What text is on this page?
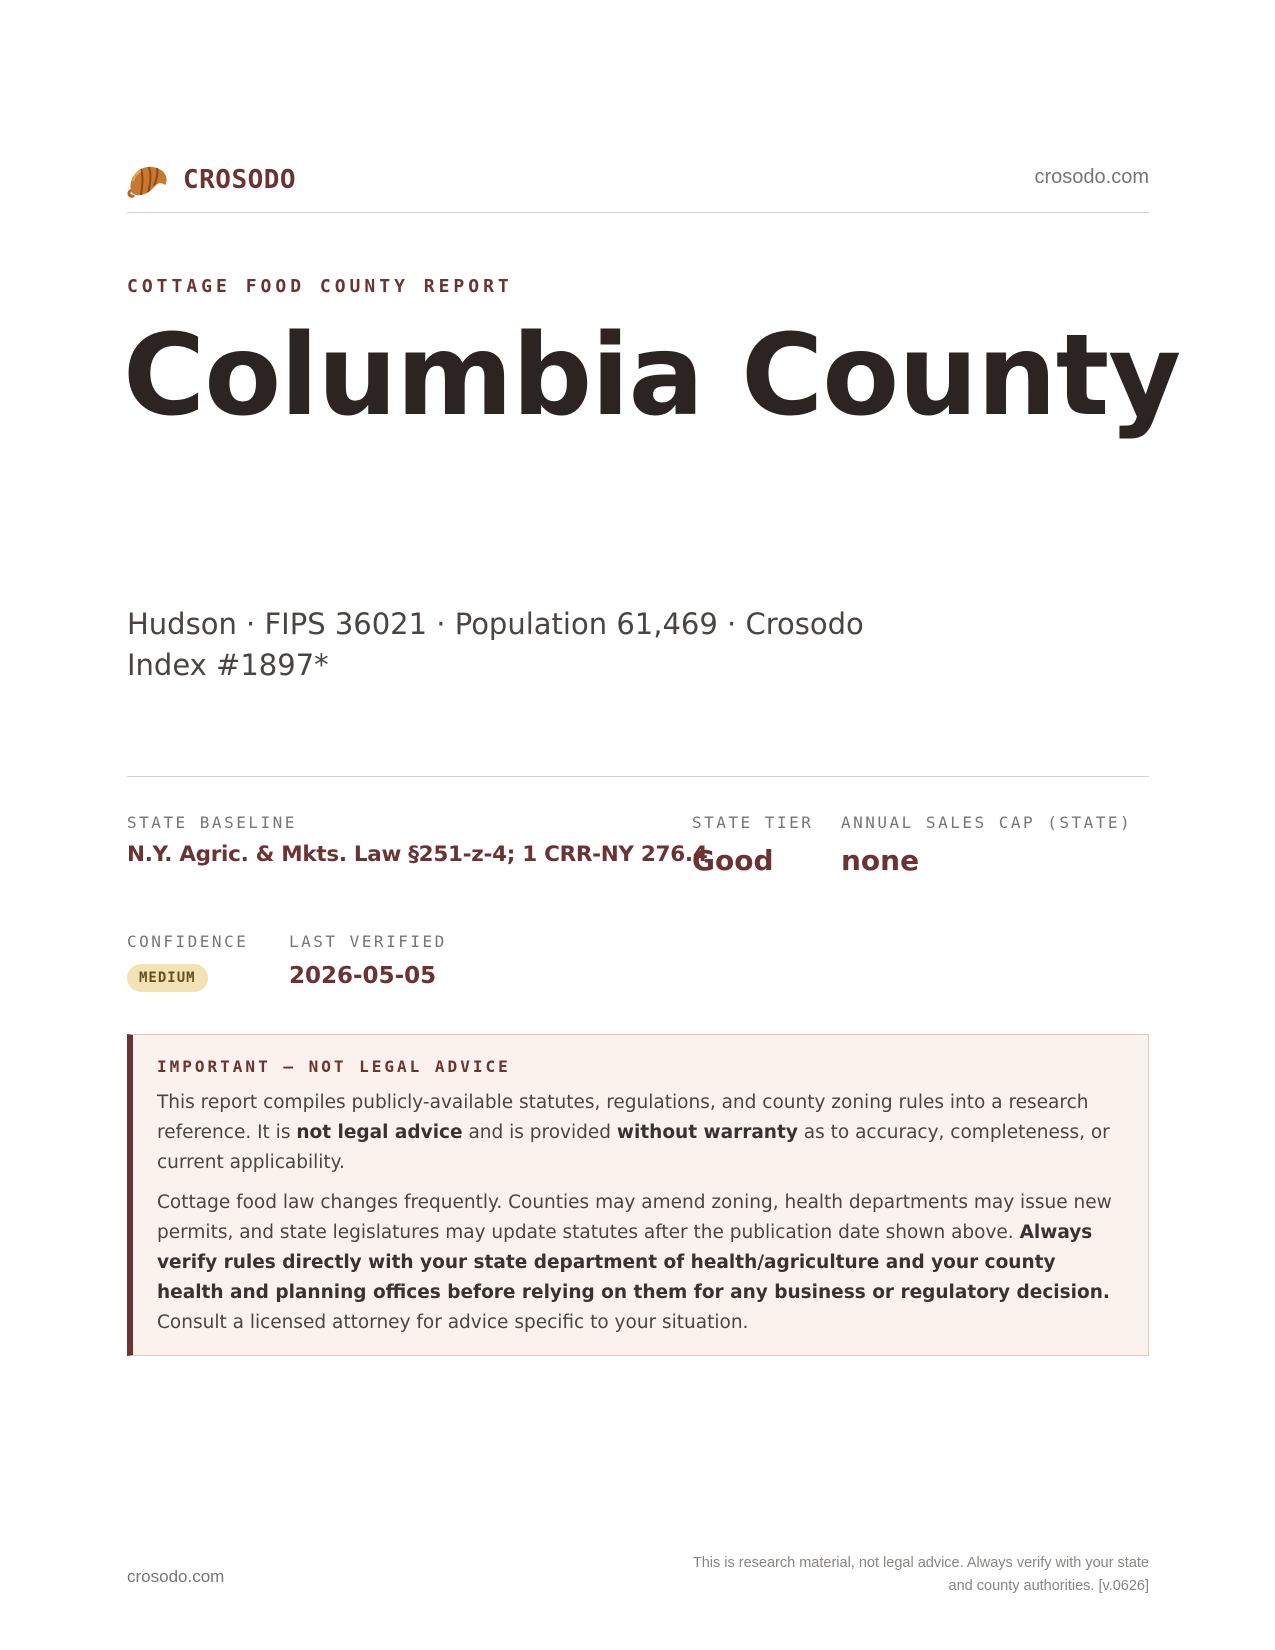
CROSODO	crosodo.com
COTTAGE FOOD COUNTY REPORT
Columbia County
Hudson · FIPS 36021 · Population 61,469 · Crosodo Index #1897*
STATE BASELINE
N.Y. Agric. & Mkts. Law §251-z-4; 1 CRR-NY 276.4
STATE TIER
Good
ANNUAL SALES CAP (STATE)
none
CONFIDENCE
MEDIUM
LAST VERIFIED
2026-05-05
IMPORTANT — NOT LEGAL ADVICE

This report compiles publicly-available statutes, regulations, and county zoning rules into a research reference. It is not legal advice and is provided without warranty as to accuracy, completeness, or current applicability.

Cottage food law changes frequently. Counties may amend zoning, health departments may issue new permits, and state legislatures may update statutes after the publication date shown above. Always verify rules directly with your state department of health/agriculture and your county health and planning offices before relying on them for any business or regulatory decision. Consult a licensed attorney for advice specific to your situation.

crosodo.com
This is research material, not legal advice. Always verify with your state
and county authorities. [v.0626]
